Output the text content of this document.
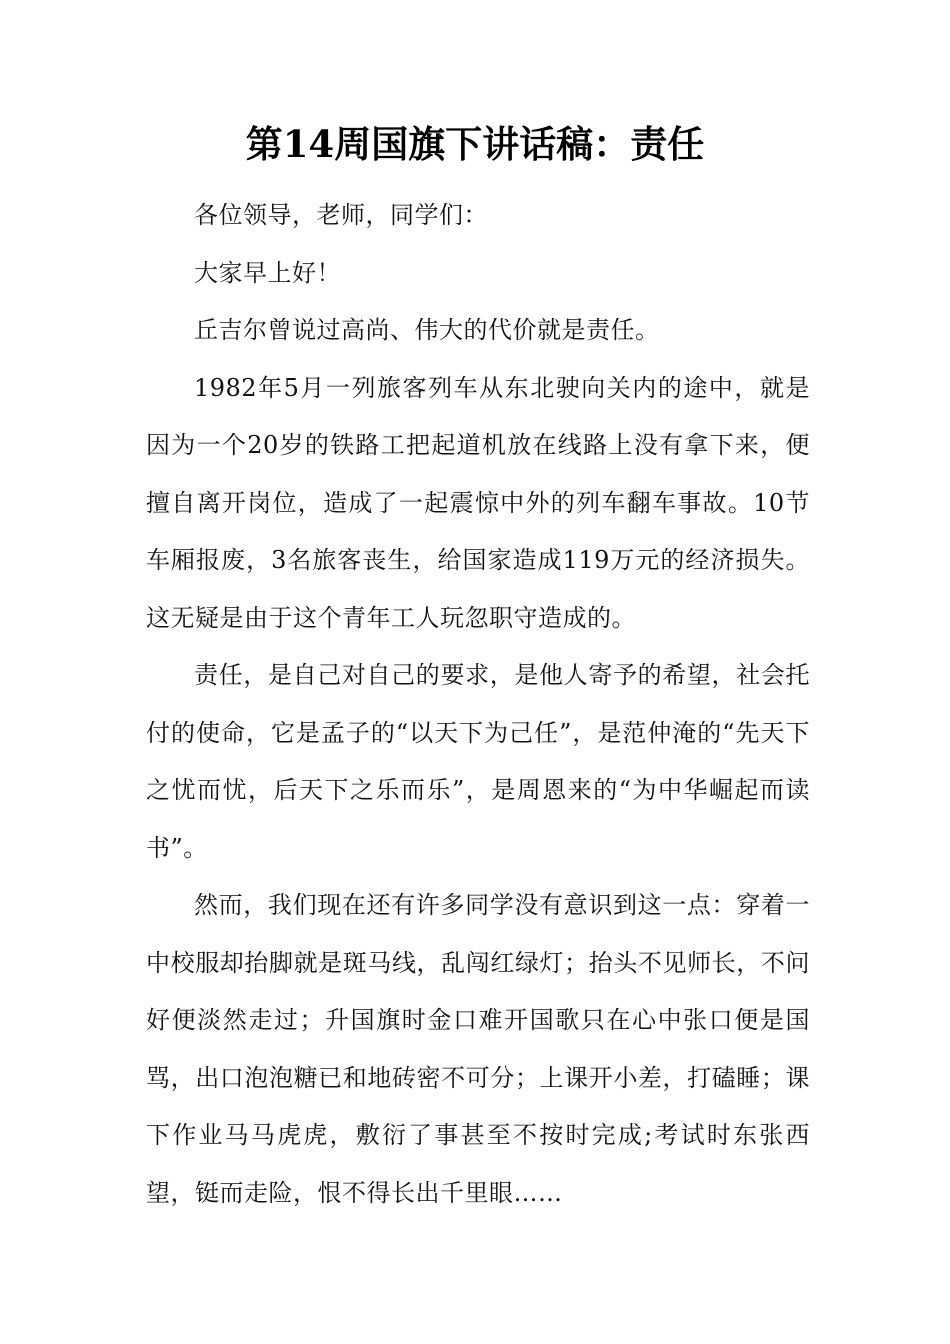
第14周国旗下讲话稿：责任

各位领导，老师，同学们：

大家早上好！

丘吉尔曾说过高尚、伟大的代价就是责任。

1982年5月一列旅客列车从东北驶向关内的途中，就是因为一个20岁的铁路工把起道机放在线路上没有拿下来，便擅自离开岗位，造成了一起震惊中外的列车翻车事故。10节车厢报废，3名旅客丧生，给国家造成119万元的经济损失。这无疑是由于这个青年工人玩忽职守造成的。

责任，是自己对自己的要求，是他人寄予的希望，社会托付的使命，它是孟子的“以天下为己任”，是范仲淹的“先天下之忧而忧，后天下之乐而乐”，是周恩来的“为中华崛起而读书”。

然而，我们现在还有许多同学没有意识到这一点：穿着一中校服却抬脚就是斑马线，乱闯红绿灯；抬头不见师长，不问好便淡然走过；升国旗时金口难开国歌只在心中张口便是国骂，出口泡泡糖已和地砖密不可分；上课开小差，打磕睡；课下作业马马虎虎，敷衍了事甚至不按时完成;考试时东张西望，铤而走险，恨不得长出千里眼……
